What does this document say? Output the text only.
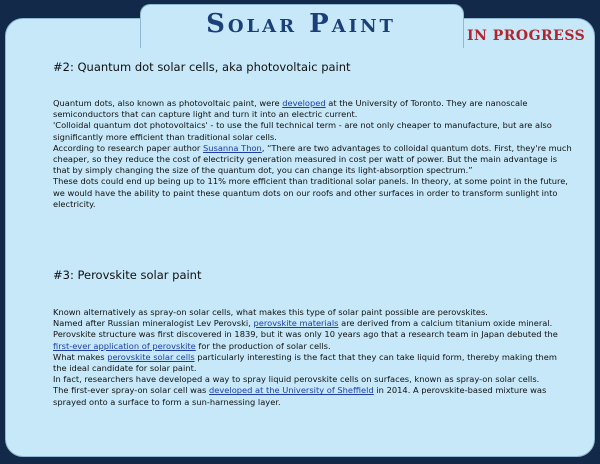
Solar Paint	IN PROGRESS
#2: Quantum dot solar cells, aka photovoltaic paint

Quantum dots, also known as photovoltaic paint, were developed at the University of Toronto. They are nanoscale semiconductors that can capture light and turn it into an electric current.

'Colloidal quantum dot photovoltaics' - to use the full technical term - are not only cheaper to manufacture, but are also significantly more efficient than traditional solar cells.

According to research paper author Susanna Thon, “There are two advantages to colloidal quantum dots. First, they're much cheaper, so they reduce the cost of electricity generation measured in cost per watt of power. But the main advantage is that by simply changing the size of the quantum dot, you can change its light-absorption spectrum.”

These dots could end up being up to 11% more efficient than traditional solar panels. In theory, at some point in the future, we would have the ability to paint these quantum dots on our roofs and other surfaces in order to transform sunlight into electricity.

#3: Perovskite solar paint

Known alternatively as spray-on solar cells, what makes this type of solar paint possible are perovskites.

Named after Russian mineralogist Lev Perovski, perovskite materials are derived from a calcium titanium oxide mineral. Perovskite structure was first discovered in 1839, but it was only 10 years ago that a research team in Japan debuted the first-ever application of perovskite for the production of solar cells.

What makes perovskite solar cells particularly interesting is the fact that they can take liquid form, thereby making them the ideal candidate for solar paint.

In fact, researchers have developed a way to spray liquid perovskite cells on surfaces, known as spray-on solar cells.

The first-ever spray-on solar cell was developed at the University of Sheffield in 2014. A perovskite-based mixture was sprayed onto a surface to form a sun-harnessing layer.
